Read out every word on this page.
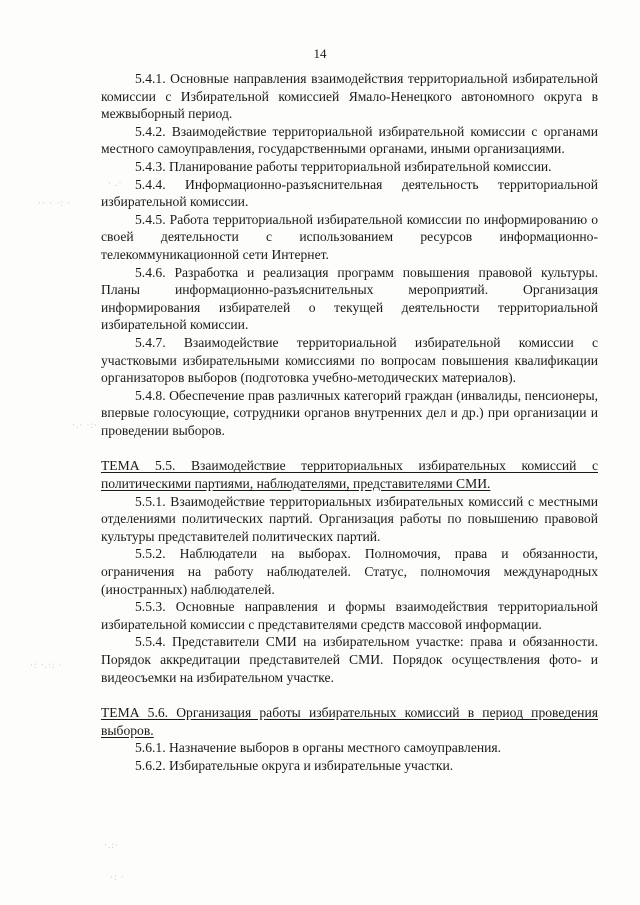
14

5.4.1. Основные направления взаимодействия территориальной избирательной комиссии с Избирательной комиссией Ямало-Ненецкого автономного округа в межвыборный период.

5.4.2. Взаимодействие территориальной избирательной комиссии с органами местного самоуправления, государственными органами, иными организациями.

5.4.3. Планирование работы территориальной избирательной комиссии.

5.4.4. Информационно-разъяснительная деятельность территориальной избирательной комиссии.

5.4.5. Работа территориальной избирательной комиссии по информированию о своей деятельности с использованием ресурсов информационно-телекоммуникационной сети Интернет.

5.4.6. Разработка и реализация программ повышения правовой культуры. Планы информационно-разъяснительных мероприятий. Организация информирования избирателей о текущей деятельности территориальной избирательной комиссии.

5.4.7. Взаимодействие территориальной избирательной комиссии с участковыми избирательными комиссиями по вопросам повышения квалификации организаторов выборов (подготовка учебно-методических материалов).

5.4.8. Обеспечение прав различных категорий граждан (инвалиды, пенсионеры, впервые голосующие, сотрудники органов внутренних дел и др.) при организации и проведении выборов.

ТЕМА 5.5. Взаимодействие территориальных избирательных комиссий с политическими партиями, наблюдателями, представителями СМИ.

5.5.1. Взаимодействие территориальных избирательных комиссий с местными отделениями политических партий. Организация работы по повышению правовой культуры представителей политических партий.

5.5.2. Наблюдатели на выборах. Полномочия, права и обязанности, ограничения на работу наблюдателей. Статус, полномочия международных (иностранных) наблюдателей.

5.5.3. Основные направления и формы взаимодействия территориальной избирательной комиссии с представителями средств массовой информации.

5.5.4. Представители СМИ на избирательном участке: права и обязанности. Порядок аккредитации представителей СМИ. Порядок осуществления фото- и видеосъемки на избирательном участке.

ТЕМА 5.6. Организация работы избирательных комиссий в период проведения выборов.

5.6.1. Назначение выборов в органы местного самоуправления.

5.6.2. Избирательные округа и избирательные участки.

· .·
·· · ·: ·
·.· ·:·
·: ·.·: ·
·.:·
·: ·
